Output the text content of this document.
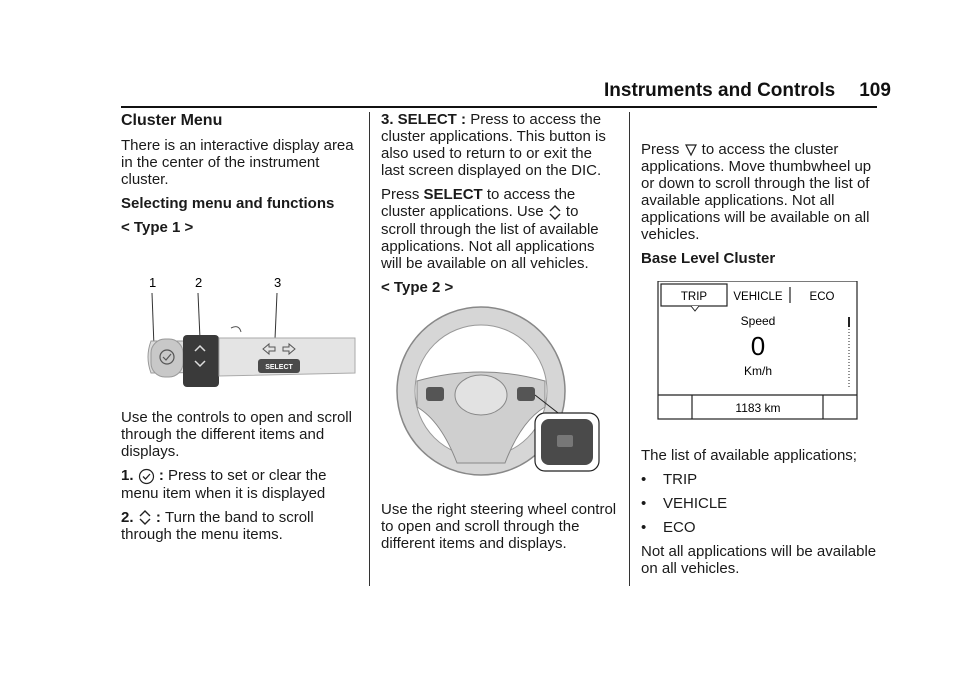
Instruments and Controls 109
Cluster Menu

There is an interactive display area in the center of the instrument cluster.

Selecting menu and functions

< Type 1 >

1	2	3
SELECT

Use the controls to open and scroll through the different items and displays.

1.  : Press to set or clear the menu item when it is displayed

2.  : Turn the band to scroll through the menu items.

3. SELECT : Press to access the cluster applications. This button is also used to return to or exit the last screen displayed on the DIC.

Press SELECT to access the cluster applications. Use  to scroll through the list of available applications. Not all applications will be available on all vehicles.

< Type 2 >

Use the right steering wheel control to open and scroll through the different items and displays.

Press  to access the cluster applications. Move thumbwheel up or down to scroll through the list of available applications. Not all applications will be available on all vehicles.

Base Level Cluster

TRIP VEHICLE ECO
Speed
0
Km/h
1183 km

The list of available applications;

•	TRIP
•	VEHICLE
•	ECO

Not all applications will be available on all vehicles.
